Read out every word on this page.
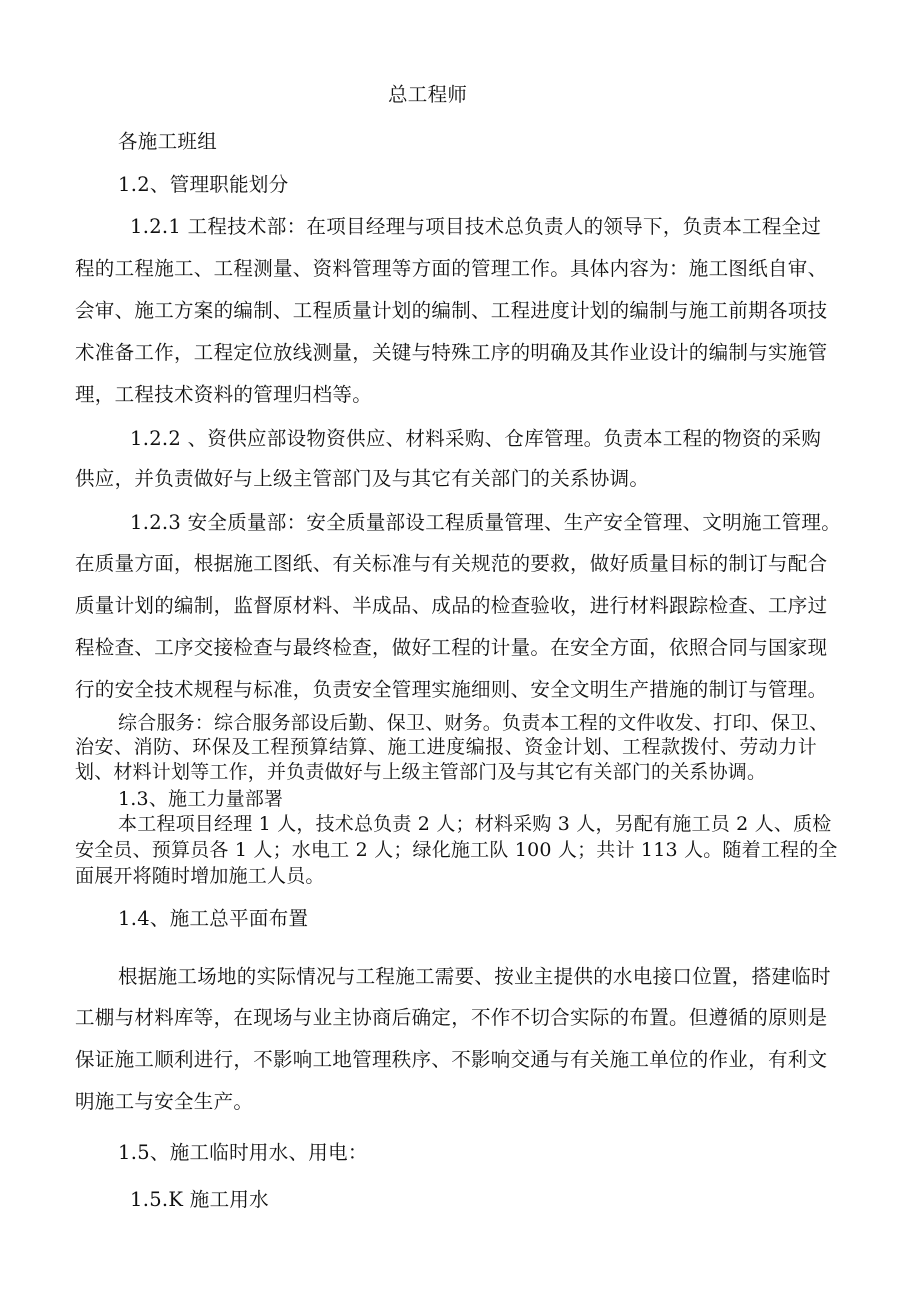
总工程师
各施工班组
1.2、管理职能划分
1.2.1 工程技术部：在项目经理与项目技术总负责人的领导下，负责本工程全过
程的工程施工、工程测量、资料管理等方面的管理工作。具体内容为：施工图纸自审、
会审、施工方案的编制、工程质量计划的编制、工程进度计划的编制与施工前期各项技
术准备工作，工程定位放线测量，关键与特殊工序的明确及其作业设计的编制与实施管
理，工程技术资料的管理归档等。
1.2.2 、资供应部设物资供应、材料采购、仓库管理。负责本工程的物资的采购
供应，并负责做好与上级主管部门及与其它有关部门的关系协调。
1.2.3 安全质量部：安全质量部设工程质量管理、生产安全管理、文明施工管理。
在质量方面，根据施工图纸、有关标准与有关规范的要救，做好质量目标的制订与配合
质量计划的编制，监督原材料、半成品、成品的检查验收，进行材料跟踪检查、工序过
程检查、工序交接检查与最终检查，做好工程的计量。在安全方面，依照合同与国家现
行的安全技术规程与标准，负责安全管理实施细则、安全文明生产措施的制订与管理。
综合服务：综合服务部设后勤、保卫、财务。负责本工程的文件收发、打印、保卫、
治安、消防、环保及工程预算结算、施工进度编报、资金计划、工程款拨付、劳动力计
划、材料计划等工作，并负责做好与上级主管部门及与其它有关部门的关系协调。
1.3、施工力量部署
本工程项目经理 1 人，技术总负责 2 人；材料采购 3 人，另配有施工员 2 人、质检
安全员、预算员各 1 人；水电工 2 人；绿化施工队 100 人；共计 113 人。随着工程的全
面展开将随时增加施工人员。
1.4、施工总平面布置
根据施工场地的实际情况与工程施工需要、按业主提供的水电接口位置，搭建临时
工棚与材料库等，在现场与业主协商后确定，不作不切合实际的布置。但遵循的原则是
保证施工顺利进行，不影响工地管理秩序、不影响交通与有关施工单位的作业，有利文
明施工与安全生产。
1.5、施工临时用水、用电：
1.5.K 施工用水
